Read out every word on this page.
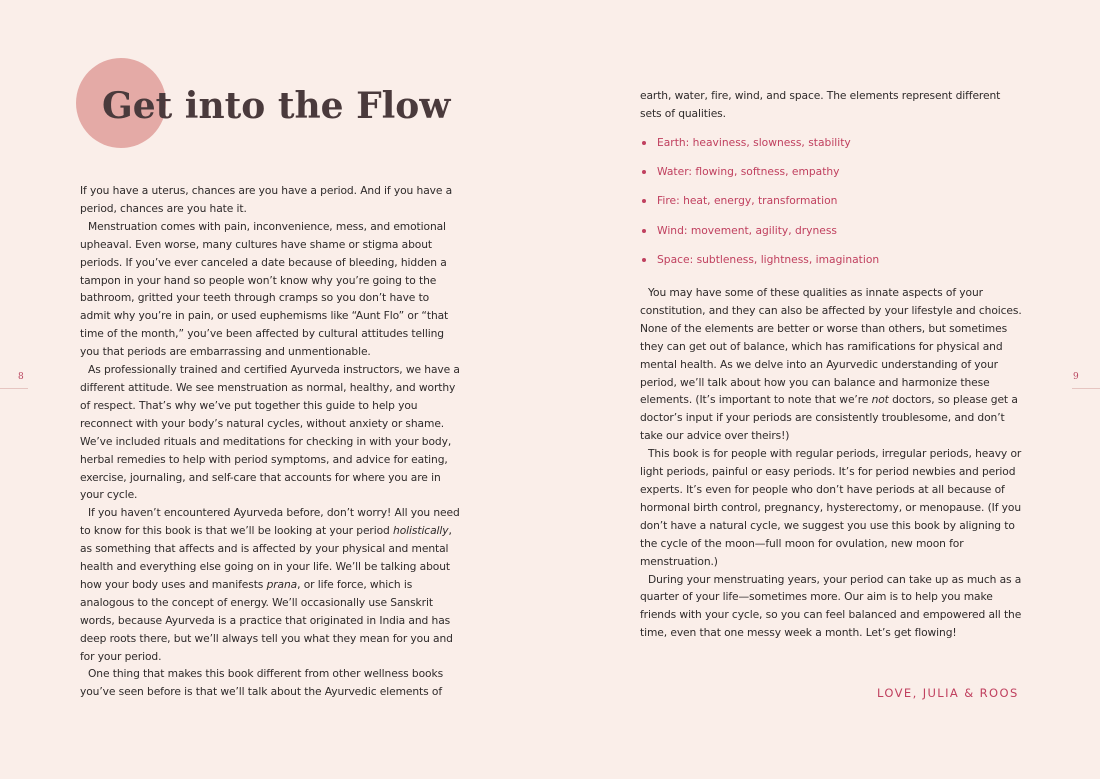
Get into the Flow

If you have a uterus, chances are you have a period. And if you have a period, chances are you hate it.

Menstruation comes with pain, inconvenience, mess, and emotional upheaval. Even worse, many cultures have shame or stigma about periods. If you’ve ever canceled a date because of bleeding, hidden a tampon in your hand so people won’t know why you’re going to the bathroom, gritted your teeth through cramps so you don’t have to admit why you’re in pain, or used euphemisms like “Aunt Flo” or “that time of the month,” you’ve been affected by cultural attitudes telling you that periods are embarrassing and unmentionable.

As professionally trained and certified Ayurveda instructors, we have a different attitude. We see menstruation as normal, healthy, and worthy of respect. That’s why we’ve put together this guide to help you reconnect with your body’s natural cycles, without anxiety or shame. We’ve included rituals and meditations for checking in with your body, herbal remedies to help with period symptoms, and advice for eating, exercise, journaling, and self-care that accounts for where you are in your cycle.

If you haven’t encountered Ayurveda before, don’t worry! All you need to know for this book is that we’ll be looking at your period holistically, as something that affects and is affected by your physical and mental health and everything else going on in your life. We’ll be talking about how your body uses and manifests prana, or life force, which is analogous to the concept of energy. We’ll occasionally use Sanskrit words, because Ayurveda is a practice that originated in India and has deep roots there, but we’ll always tell you what they mean for you and for your period.

One thing that makes this book different from other wellness books you’ve seen before is that we’ll talk about the Ayurvedic elements of

8

earth, water, fire, wind, and space. The elements represent different sets of qualities.

Earth: heaviness, slowness, stability
Water: flowing, softness, empathy
Fire: heat, energy, transformation
Wind: movement, agility, dryness
Space: subtleness, lightness, imagination

You may have some of these qualities as innate aspects of your constitution, and they can also be affected by your lifestyle and choices. None of the elements are better or worse than others, but sometimes they can get out of balance, which has ramifications for physical and mental health. As we delve into an Ayurvedic understanding of your period, we’ll talk about how you can balance and harmonize these elements. (It’s important to note that we’re not doctors, so please get a doctor’s input if your periods are consistently troublesome, and don’t take our advice over theirs!)

This book is for people with regular periods, irregular periods, heavy or light periods, painful or easy periods. It’s for period newbies and period experts. It’s even for people who don’t have periods at all because of hormonal birth control, pregnancy, hysterectomy, or menopause. (If you don’t have a natural cycle, we suggest you use this book by aligning to the cycle of the moon—full moon for ovulation, new moon for menstruation.)

During your menstruating years, your period can take up as much as a quarter of your life—sometimes more. Our aim is to help you make friends with your cycle, so you can feel balanced and empowered all the time, even that one messy week a month. Let’s get flowing!

LOVE, JULIA & ROOS
9
